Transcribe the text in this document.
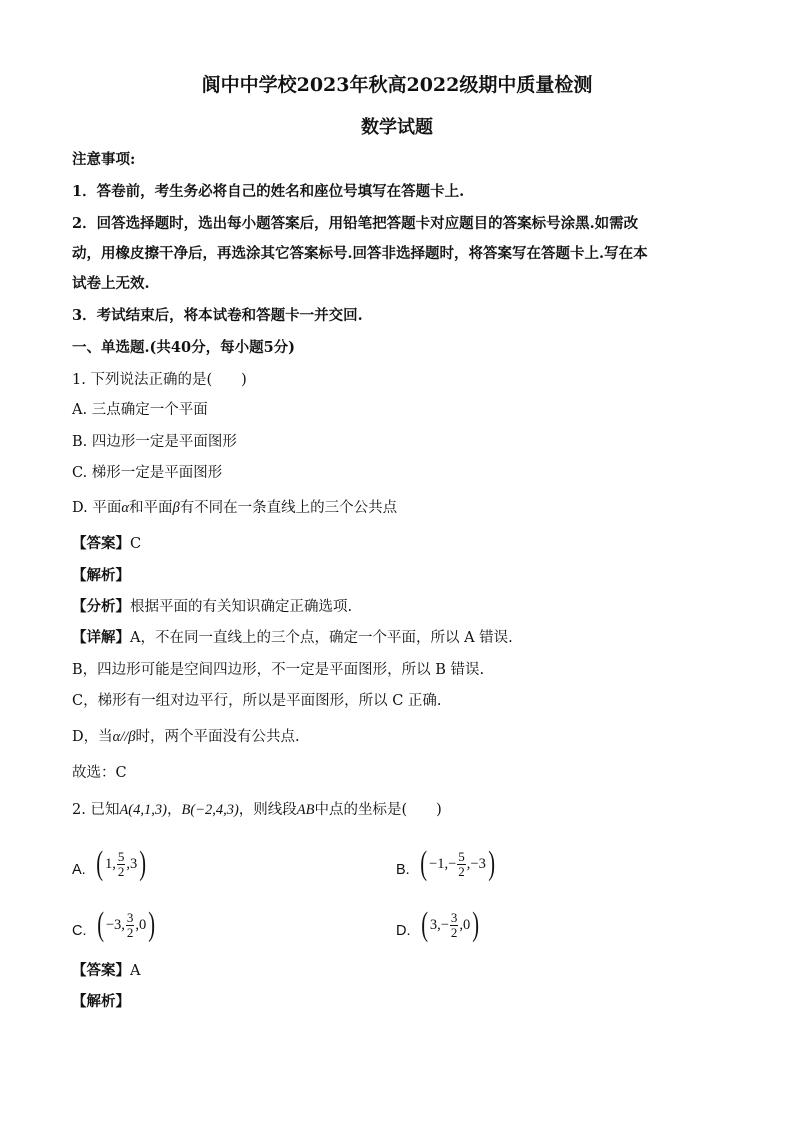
阆中中学校2023年秋高2022级期中质量检测
数学试题
注意事项:
1．答卷前，考生务必将自己的姓名和座位号填写在答题卡上.
2．回答选择题时，选出每小题答案后，用铅笔把答题卡对应题目的答案标号涂黑.如需改
动，用橡皮擦干净后，再选涂其它答案标号.回答非选择题时，将答案写在答题卡上.写在本
试卷上无效.
3．考试结束后，将本试卷和答题卡一并交回.
一、单选题.(共40分，每小题5分)
1. 下列说法正确的是(　　)
A. 三点确定一个平面
B. 四边形一定是平面图形
C. 梯形一定是平面图形
D. 平面α和平面β有不同在一条直线上的三个公共点
【答案】C
【解析】
【分析】根据平面的有关知识确定正确选项.
【详解】A，不在同一直线上的三个点，确定一个平面，所以 A 错误.
B，四边形可能是空间四边形，不一定是平面图形，所以 B 错误.
C，梯形有一组对边平行，所以是平面图形，所以 C 正确.
D，当α//β时，两个平面没有公共点.
故选：C
2. 已知A(4,1,3)，B(−2,4,3)，则线段AB中点的坐标是(　　)
A. ( 1, $\frac{5}{2} ,3$ )	B. ( $-1,- \frac{5}{2} ,-3$ )
C. ( −3, $\frac{3}{2} ,0$ )	D. ( $3,- \frac{3}{2} ,0$ )
【答案】A
【解析】
